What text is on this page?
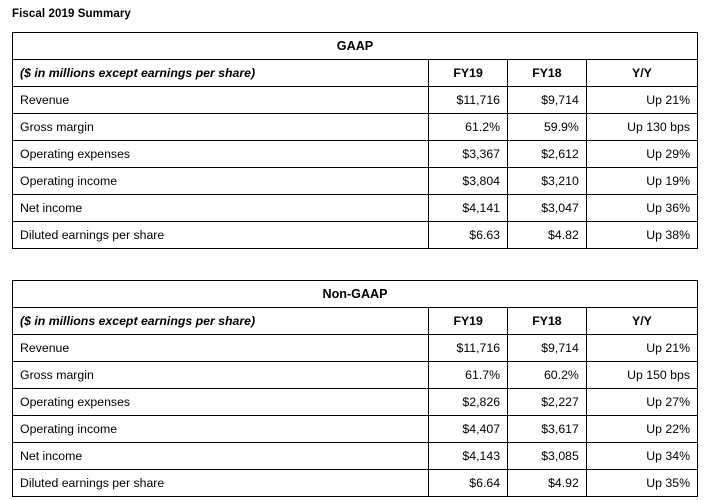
Fiscal 2019 Summary
GAAP			
($ in millions except earnings per share)	FY19	FY18	Y/Y
Revenue	$11,716	$9,714	Up 21%
Gross margin	61.2%	59.9%	Up 130 bps
Operating expenses	$3,367	$2,612	Up 29%
Operating income	$3,804	$3,210	Up 19%
Net income	$4,141	$3,047	Up 36%
Diluted earnings per share	$6.63	$4.82	Up 38%
Non-GAAP			
($ in millions except earnings per share)	FY19	FY18	Y/Y
Revenue	$11,716	$9,714	Up 21%
Gross margin	61.7%	60.2%	Up 150 bps
Operating expenses	$2,826	$2,227	Up 27%
Operating income	$4,407	$3,617	Up 22%
Net income	$4,143	$3,085	Up 34%
Diluted earnings per share	$6.64	$4.92	Up 35%
